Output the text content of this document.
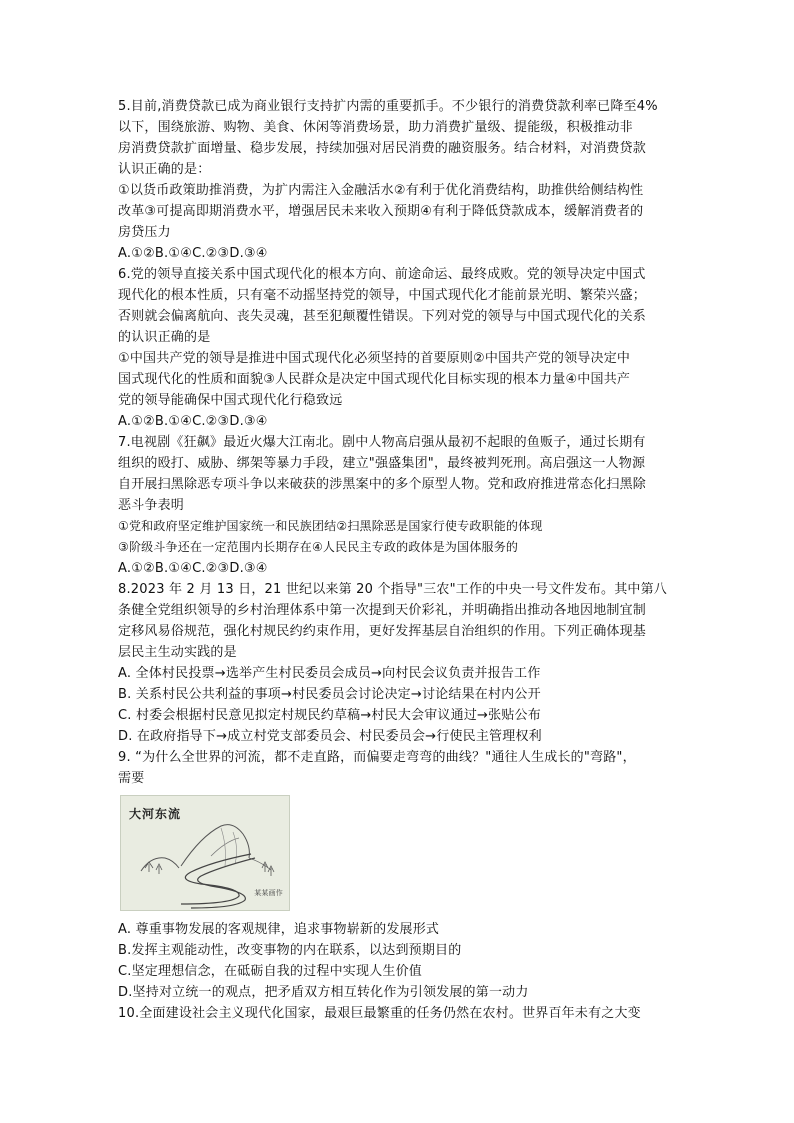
5.目前,消费贷款已成为商业银行支持扩内需的重要抓手。不少银行的消费贷款利率已降至4%
以下，围绕旅游、购物、美食、休闲等消费场景，助力消费扩量级、提能级，积极推动非
房消费贷款扩面增量、稳步发展，持续加强对居民消费的融资服务。结合材料，对消费贷款
认识正确的是：
①以货币政策助推消费，为扩内需注入金融活水②有利于优化消费结构，助推供给侧结构性
改革③可提高即期消费水平，增强居民未来收入预期④有利于降低贷款成本，缓解消费者的
房贷压力
A.①②B.①④C.②③D.③④
6.党的领导直接关系中国式现代化的根本方向、前途命运、最终成败。党的领导决定中国式
现代化的根本性质，只有毫不动摇坚持党的领导，中国式现代化才能前景光明、繁荣兴盛；
否则就会偏离航向、丧失灵魂，甚至犯颠覆性错误。下列对党的领导与中国式现代化的关系
的认识正确的是
①中国共产党的领导是推进中国式现代化必须坚持的首要原则②中国共产党的领导决定中
国式现代化的性质和面貌③人民群众是决定中国式现代化目标实现的根本力量④中国共产
党的领导能确保中国式现代化行稳致远
A.①②B.①④C.②③D.③④
7.电视剧《狂飙》最近火爆大江南北。剧中人物高启强从最初不起眼的鱼贩子，通过长期有
组织的殴打、威胁、绑架等暴力手段，建立"强盛集团"，最终被判死刑。高启强这一人物源
自开展扫黑除恶专项斗争以来破获的涉黑案中的多个原型人物。党和政府推进常态化扫黑除
恶斗争表明
①党和政府坚定维护国家统一和民族团结②扫黑除恶是国家行使专政职能的体现
③阶级斗争还在一定范围内长期存在④人民民主专政的政体是为国体服务的
A.①②B.①④C.②③D.③④
8.2023 年 2 月 13 日，21 世纪以来第 20 个指导"三农"工作的中央一号文件发布。其中第八
条健全党组织领导的乡村治理体系中第一次提到天价彩礼，并明确指出推动各地因地制宜制
定移风易俗规范，强化村规民约约束作用，更好发挥基层自治组织的作用。下列正确体现基
层民主生动实践的是
A. 全体村民投票→选举产生村民委员会成员→向村民会议负责并报告工作
B. 关系村民公共利益的事项→村民委员会讨论决定→讨论结果在村内公开
C. 村委会根据村民意见拟定村规民约草稿→村民大会审议通过→张贴公布
D. 在政府指导下→成立村党支部委员会、村民委员会→行使民主管理权利
9. “为什么全世界的河流，都不走直路，而偏要走弯弯的曲线？"通往人生成长的"弯路"，
需要
大河东流
某某画作
A. 尊重事物发展的客观规律，追求事物崭新的发展形式
B.发挥主观能动性，改变事物的内在联系，以达到预期目的
C.坚定理想信念，在砥砺自我的过程中实现人生价值
D.坚持对立统一的观点，把矛盾双方相互转化作为引领发展的第一动力
10.全面建设社会主义现代化国家，最艰巨最繁重的任务仍然在农村。世界百年未有之大变
